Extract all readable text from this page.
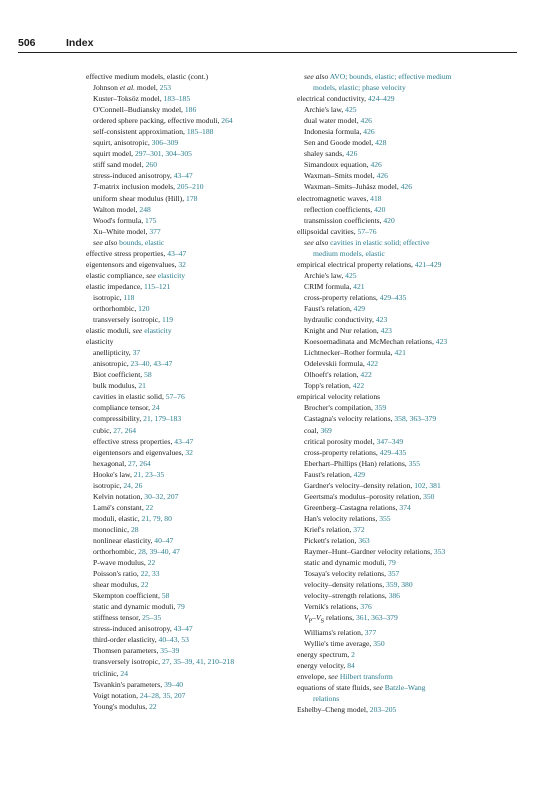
506	Index
effective medium models, elastic (cont.)
Johnson et al. model, 253
Kuster–Toksöz model, 183–185
O'Connell–Budiansky model, 186
ordered sphere packing, effective moduli, 264
self-consistent approximation, 185–188
squirt, anisotropic, 306–309
squirt model, 297–301, 304–305
stiff sand model, 260
stress-induced anisotropy, 43–47
T-matrix inclusion models, 205–210
uniform shear modulus (Hill), 178
Walton model, 248
Wood's formula, 175
Xu–White model, 377
see also bounds, elastic
effective stress properties, 43–47
eigentensors and eigenvalues, 32
elastic compliance, see elasticity
elastic impedance, 115–121
isotropic, 118
orthorhombic, 120
transversely isotropic, 119
elastic moduli, see elasticity
elasticity
anellipticity, 37
anisotropic, 23–40, 43–47
Biot coefficient, 58
bulk modulus, 21
cavities in elastic solid, 57–76
compliance tensor, 24
compressibility, 21, 179–183
cubic, 27, 264
effective stress properties, 43–47
eigentensors and eigenvalues, 32
hexagonal, 27, 264
Hooke's law, 21, 23–35
isotropic, 24, 26
Kelvin notation, 30–32, 207
Lamé's constant, 22
moduli, elastic, 21, 79, 80
monoclinic, 28
nonlinear elasticity, 40–47
orthorhombic, 28, 39–40, 47
P-wave modulus, 22
Poisson's ratio, 22, 33
shear modulus, 22
Skempton coefficient, 58
static and dynamic moduli, 79
stiffness tensor, 25–35
stress-induced anisotropy, 43–47
third-order elasticity, 40–43, 53
Thomsen parameters, 35–39
transversely isotropic, 27, 35–39, 41, 210–218
triclinic, 24
Tsvankin's parameters, 39–40
Voigt notation, 24–28, 35, 207
Young's modulus, 22
see also AVO; bounds, elastic; effective medium
models, elastic; phase velocity
electrical conductivity, 424–429
Archie's law, 425
dual water model, 426
Indonesia formula, 426
Sen and Goode model, 428
shaley sands, 426
Simandoux equation, 426
Waxman–Smits model, 426
Waxman–Smits–Juhász model, 426
electromagnetic waves, 418
reflection coefficients, 420
transmission coefficients, 420
ellipsoidal cavities, 57–76
see also cavities in elastic solid; effective
medium models, elastic
empirical electrical property relations, 421–429
Archie's law, 425
CRIM formula, 421
cross-property relations, 429–435
Faust's relation, 429
hydraulic conductivity, 423
Knight and Nur relation, 423
Koesoemadinata and McMechan relations, 423
Lichtnecker–Rother formula, 421
Odelevskii formula, 422
Olhoeft's relation, 422
Topp's relation, 422
empirical velocity relations
Brocher's compilation, 359
Castagna's velocity relations, 358, 363–379
coal, 369
critical porosity model, 347–349
cross-property relations, 429–435
Eberhart–Phillips (Han) relations, 355
Faust's relation, 429
Gardner's velocity–density relation, 102, 381
Geertsma's modulus–porosity relation, 350
Greenberg–Castagna relations, 374
Han's velocity relations, 355
Krief's relation, 372
Pickett's relation, 363
Raymer–Hunt–Gardner velocity relations, 353
static and dynamic moduli, 79
Tosaya's velocity relations, 357
velocity–density relations, 359, 380
velocity–strength relations, 386
Vernik's relations, 376
$V_P-V_S$ relations, 361, 363–379
Williams's relation, 377
Wyllie's time average, 350
energy spectrum, 2
energy velocity, 84
envelope, see Hilbert transform
equations of state fluids, see Batzle–Wang
relations
Eshelby–Cheng model, 203–205
